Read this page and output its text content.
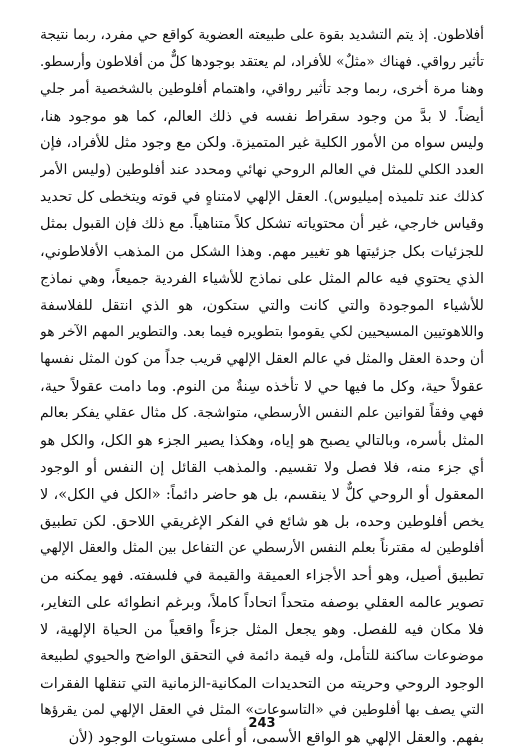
أفلاطون. إذ يتم التشديد بقوة على طبيعته العضوية كواقع حي مفرد، ربما نتيجة
تأثير رواقي. فهناك «مثلٌ» للأفراد، لم يعتقد بوجودها كلٌّ من أفلاطون وأرسطو.
وهنا مرة أخرى، ربما وجد تأثير رواقي، واهتمام أفلوطين بالشخصية أمر جلي
أيضاً. لا بدَّ من وجود سقراط نفسه في ذلك العالم، كما هو موجود هنا،
وليس سواه من الأمور الكلية غير المتميزة. ولكن مع وجود مثل للأفراد، فإن
العدد الكلي للمثل في العالم الروحي نهائي ومحدد عند أفلوطين (وليس الأمر
كذلك عند تلميذه إميليوس). العقل الإلهي لامتناهٍ في قوته ويتخطى كل تحديد
وقياس خارجي، غير أن محتوياته تشكل كلاً متناهياً. مع ذلك فإن القبول بمثل
للجزئيات بكل جزئيتها هو تغيير مهم. وهذا الشكل من المذهب الأفلاطوني،
الذي يحتوي فيه عالم المثل على نماذج للأشياء الفردية جميعاً، وهي نماذج
للأشياء الموجودة والتي كانت والتي ستكون، هو الذي انتقل للفلاسفة
واللاهوتيين المسيحيين لكي يقوموا بتطويره فيما بعد. والتطوير المهم الآخر هو
أن وحدة العقل والمثل في عالم العقل الإلهي قريب جداً من كون المثل نفسها
عقولاً حية، وكل ما فيها حي لا تأخذه سِنةٌ من النوم. وما دامت عقولاً حية،
فهي وفقاً لقوانين علم النفس الأرسطي، متواشجة. كل مثال عقلي يفكر بعالم
المثل بأسره، وبالتالي يصبح هو إياه، وهكذا يصير الجزء هو الكل، والكل هو
أي جزء منه، فلا فصل ولا تقسيم. والمذهب القائل إن النفس أو الوجود
المعقول أو الروحي كلٌّ لا ينقسم، بل هو حاضر دائماً: «الكل في الكل»، لا
يخص أفلوطين وحده، بل هو شائع في الفكر الإغريقي اللاحق. لكن تطبيق
أفلوطين له مقترناً بعلم النفس الأرسطي عن التفاعل بين المثل والعقل الإلهي
تطبيق أصيل، وهو أحد الأجزاء العميقة والقيمة في فلسفته. فهو يمكنه من
تصوير عالمه العقلي بوصفه متحداً اتحاداً كاملاً، وبرغم انطوائه على التغاير،
فلا مكان فيه للفصل. وهو يجعل المثل جزءاً واقعياً من الحياة الإلهية، لا
موضوعات ساكنة للتأمل، وله قيمة دائمة في التحقق الواضح والحيوي لطبيعة
الوجود الروحي وحريته من التحديدات المكانية-الزمانية التي تنقلها الفقرات
التي يصف بها أفلوطين في «التاسوعات» المثل في العقل الإلهي لمن يقرؤها
بفهم. والعقل الإلهي هو الواقع الأسمى، أو أعلى مستويات الوجود (لأن
243
